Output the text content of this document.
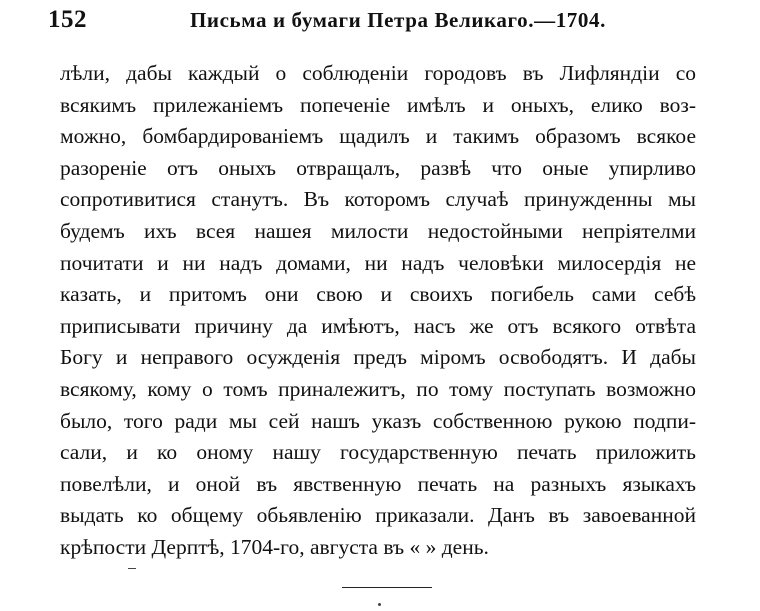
152	Письма и бумаги Петра Великаго.—1704.
лѣли, дабы каждый о соблюденіи городовъ въ Лифляндіи со
всякимъ прилежаніемъ попеченіе имѣлъ и оныхъ, елико воз-
можно, бомбардированіемъ щадилъ и такимъ образомъ всякое
разореніе отъ оныхъ отвращалъ, развѣ что оные упирливо
сопротивитися станутъ. Въ которомъ случаѣ принужденны мы
будемъ ихъ всея нашея милости недостойными непріятелми
почитати и ни надъ домами, ни надъ человѣки милосердія не
казать, и притомъ они свою и своихъ погибель сами себѣ
приписывати причину да имѣютъ, насъ же отъ всякого отвѣта
Богу и неправого осужденія предъ міромъ освободятъ. И дабы
всякому, кому о томъ приналежитъ, по тому поступать возможно
было, того ради мы сей нашъ указъ собственною рукою подпи-
сали, и ко оному нашу государственную печать приложить
повелѣли, и оной въ явственную печать на разныхъ языкахъ
выдать ко общему обьявленію приказали. Данъ въ завоеванной
крѣпости Дерптѣ, 1704-го, августа въ « » день.
